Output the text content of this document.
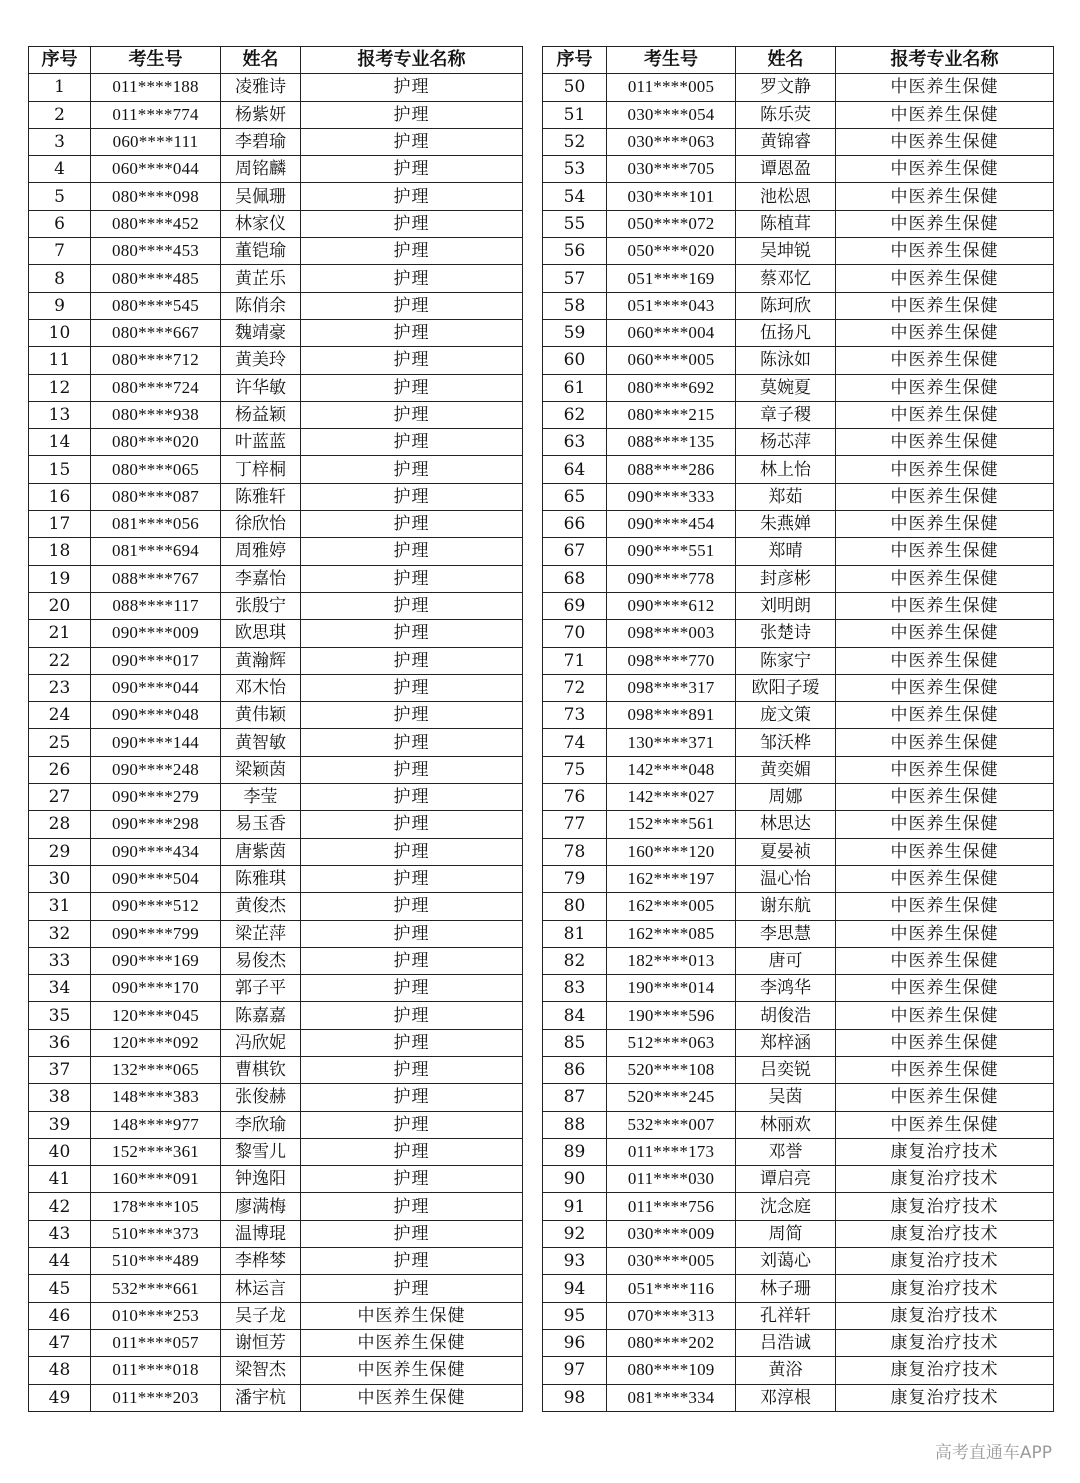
序号	考生号	姓名	报考专业名称
1	011****188	凌雅诗	护理
2	011****774	杨紫妍	护理
3	060****111	李碧瑜	护理
4	060****044	周铭麟	护理
5	080****098	吴佩珊	护理
6	080****452	林家仪	护理
7	080****453	董铠瑜	护理
8	080****485	黄芷乐	护理
9	080****545	陈俏余	护理
10	080****667	魏靖豪	护理
11	080****712	黄美玲	护理
12	080****724	许华敏	护理
13	080****938	杨益颖	护理
14	080****020	叶蓝蓝	护理
15	080****065	丁梓桐	护理
16	080****087	陈雅轩	护理
17	081****056	徐欣怡	护理
18	081****694	周雅婷	护理
19	088****767	李嘉怡	护理
20	088****117	张殷宁	护理
21	090****009	欧思琪	护理
22	090****017	黄瀚辉	护理
23	090****044	邓木怡	护理
24	090****048	黄伟颖	护理
25	090****144	黄智敏	护理
26	090****248	梁颖茵	护理
27	090****279	李莹	护理
28	090****298	易玉香	护理
29	090****434	唐紫茵	护理
30	090****504	陈雅琪	护理
31	090****512	黄俊杰	护理
32	090****799	梁芷萍	护理
33	090****169	易俊杰	护理
34	090****170	郭子平	护理
35	120****045	陈嘉嘉	护理
36	120****092	冯欣妮	护理
37	132****065	曹棋钦	护理
38	148****383	张俊赫	护理
39	148****977	李欣瑜	护理
40	152****361	黎雪儿	护理
41	160****091	钟逸阳	护理
42	178****105	廖满梅	护理
43	510****373	温博琨	护理
44	510****489	李桦棽	护理
45	532****661	林运言	护理
46	010****253	吴子龙	中医养生保健
47	011****057	谢恒芳	中医养生保健
48	011****018	梁智杰	中医养生保健
49	011****203	潘宇杭	中医养生保健
序号	考生号	姓名	报考专业名称
50	011****005	罗文静	中医养生保健
51	030****054	陈乐荧	中医养生保健
52	030****063	黄锦睿	中医养生保健
53	030****705	谭恩盈	中医养生保健
54	030****101	池松恩	中医养生保健
55	050****072	陈植茸	中医养生保健
56	050****020	吴坤锐	中医养生保健
57	051****169	蔡邓忆	中医养生保健
58	051****043	陈珂欣	中医养生保健
59	060****004	伍扬凡	中医养生保健
60	060****005	陈泳如	中医养生保健
61	080****692	莫婉夏	中医养生保健
62	080****215	章子稷	中医养生保健
63	088****135	杨芯萍	中医养生保健
64	088****286	林上怡	中医养生保健
65	090****333	郑茹	中医养生保健
66	090****454	朱燕婵	中医养生保健
67	090****551	郑晴	中医养生保健
68	090****778	封彦彬	中医养生保健
69	090****612	刘明朗	中医养生保健
70	098****003	张楚诗	中医养生保健
71	098****770	陈家宁	中医养生保健
72	098****317	欧阳子瑷	中医养生保健
73	098****891	庞文策	中医养生保健
74	130****371	邹沃桦	中医养生保健
75	142****048	黄奕媚	中医养生保健
76	142****027	周娜	中医养生保健
77	152****561	林思达	中医养生保健
78	160****120	夏晏祯	中医养生保健
79	162****197	温心怡	中医养生保健
80	162****005	谢东航	中医养生保健
81	162****085	李思慧	中医养生保健
82	182****013	唐可	中医养生保健
83	190****014	李鸿华	中医养生保健
84	190****596	胡俊浩	中医养生保健
85	512****063	郑梓涵	中医养生保健
86	520****108	吕奕锐	中医养生保健
87	520****245	吴茵	中医养生保健
88	532****007	林丽欢	中医养生保健
89	011****173	邓誉	康复治疗技术
90	011****030	谭启亮	康复治疗技术
91	011****756	沈念庭	康复治疗技术
92	030****009	周简	康复治疗技术
93	030****005	刘蔼心	康复治疗技术
94	051****116	林子珊	康复治疗技术
95	070****313	孔祥轩	康复治疗技术
96	080****202	吕浩诚	康复治疗技术
97	080****109	黄浴	康复治疗技术
98	081****334	邓淳根	康复治疗技术
高考直通车APP
